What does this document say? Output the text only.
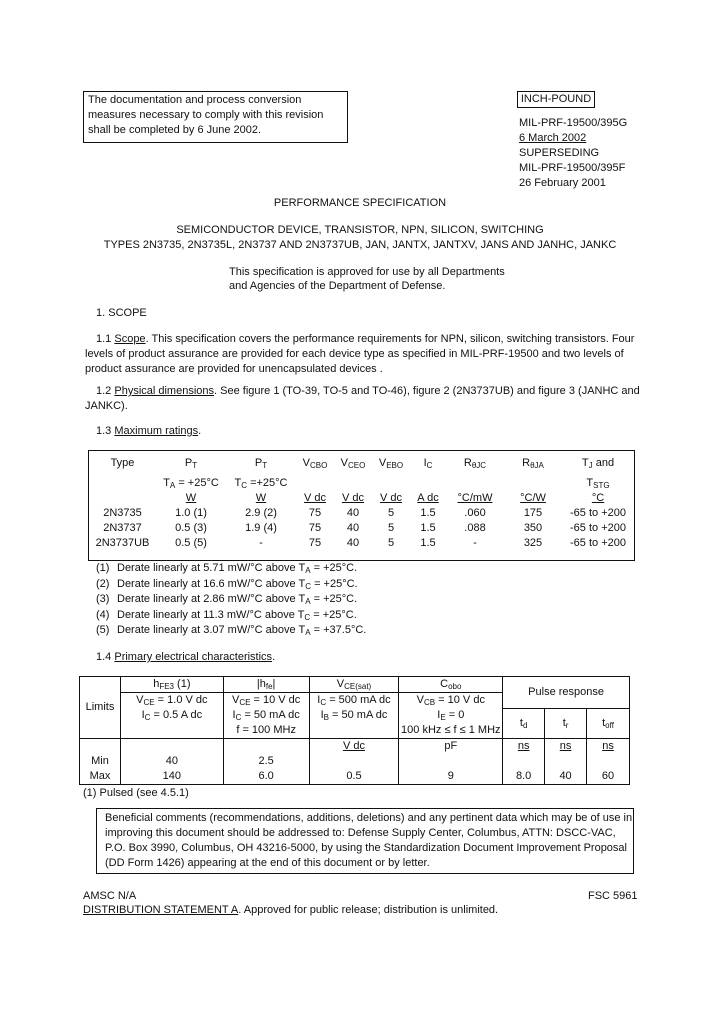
The documentation and process conversion
measures necessary to comply with this revision
shall be completed by 6 June 2002.
INCH-POUND
MIL-PRF-19500/395G
6 March 2002
SUPERSEDING
MIL-PRF-19500/395F
26 February 2001
PERFORMANCE SPECIFICATION
SEMICONDUCTOR DEVICE, TRANSISTOR, NPN, SILICON, SWITCHING
TYPES 2N3735, 2N3735L, 2N3737 AND 2N3737UB, JAN, JANTX, JANTXV, JANS AND JANHC, JANKC
This specification is approved for use by all Departments
and Agencies of the Department of Defense.
1. SCOPE
1.1 Scope. This specification covers the performance requirements for NPN, silicon, switching transistors. Four
levels of product assurance are provided for each device type as specified in MIL-PRF-19500 and two levels of
product assurance are provided for unencapsulated devices .
1.2 Physical dimensions. See figure 1 (TO-39, TO-5 and TO-46), figure 2 (2N3737UB) and figure 3 (JANHC and
JANKC).
1.3 Maximum ratings.
Type	$P_T$	$P_T$	$V_{CBO}$	$V_{CEO}$	$V_{EBO}$	$I_C$	$R_{\theta JC}$	$R_{\theta JA}$	$T_J$ and
	$T_A = +25^\circ C$	$T_C =+25^\circ C$							$T_{STG}$
	W	W	V dc	V dc	V dc	A dc	°C/mW	°C/W	°C
2N3735	1.0 (1)	2.9 (2)	75	40	5	1.5	.060	175	-65 to +200
2N3737	0.5 (3)	1.9 (4)	75	40	5	1.5	.088	350	-65 to +200
2N3737UB	0.5 (5)	-	75	40	5	1.5	-	325	-65 to +200
(1) Derate linearly at 5.71 mW/°C above $T_A = +25^\circ C$.
(2) Derate linearly at 16.6 mW/°C above $T_C = +25^\circ C$.
(3) Derate linearly at 2.86 mW/°C above $T_A = +25^\circ C$.
(4) Derate linearly at 11.3 mW/°C above $T_C = +25^\circ C$.
(5) Derate linearly at 3.07 mW/°C above $T_A = +37.5^\circ C$.
1.4 Primary electrical characteristics.
Limits	$h_{FE3}$ (1)	$|h_{fe}|$	$V_{CE(sat)}$	$C_{obo}$	Pulse response		
	$V_{CE} = 1.0$ V dc	$V_{CE} = 10$ V dc	$I_C = 500$ mA dc	$V_{CB} = 10$ V dc			
	$I_C = 0.5$ A dc	$I_C = 50$ mA dc	$I_B = 50$ mA dc	$I_E = 0$	$t_d$	$t_r$	$t_{off}$
		f = 100 MHz		100 kHz ≤ f ≤ 1 MHz			
			V dc	pF	ns	ns	ns
Min	40	2.5					
Max	140	6.0	0.5	9	8.0	40	60
(1) Pulsed (see 4.5.1)
Beneficial comments (recommendations, additions, deletions) and any pertinent data which may be of use in
improving this document should be addressed to: Defense Supply Center, Columbus, ATTN: DSCC-VAC,
P.O. Box 3990, Columbus, OH 43216-5000, by using the Standardization Document Improvement Proposal
(DD Form 1426) appearing at the end of this document or by letter.
AMSC N/A	FSC 5961
DISTRIBUTION STATEMENT A. Approved for public release; distribution is unlimited.
